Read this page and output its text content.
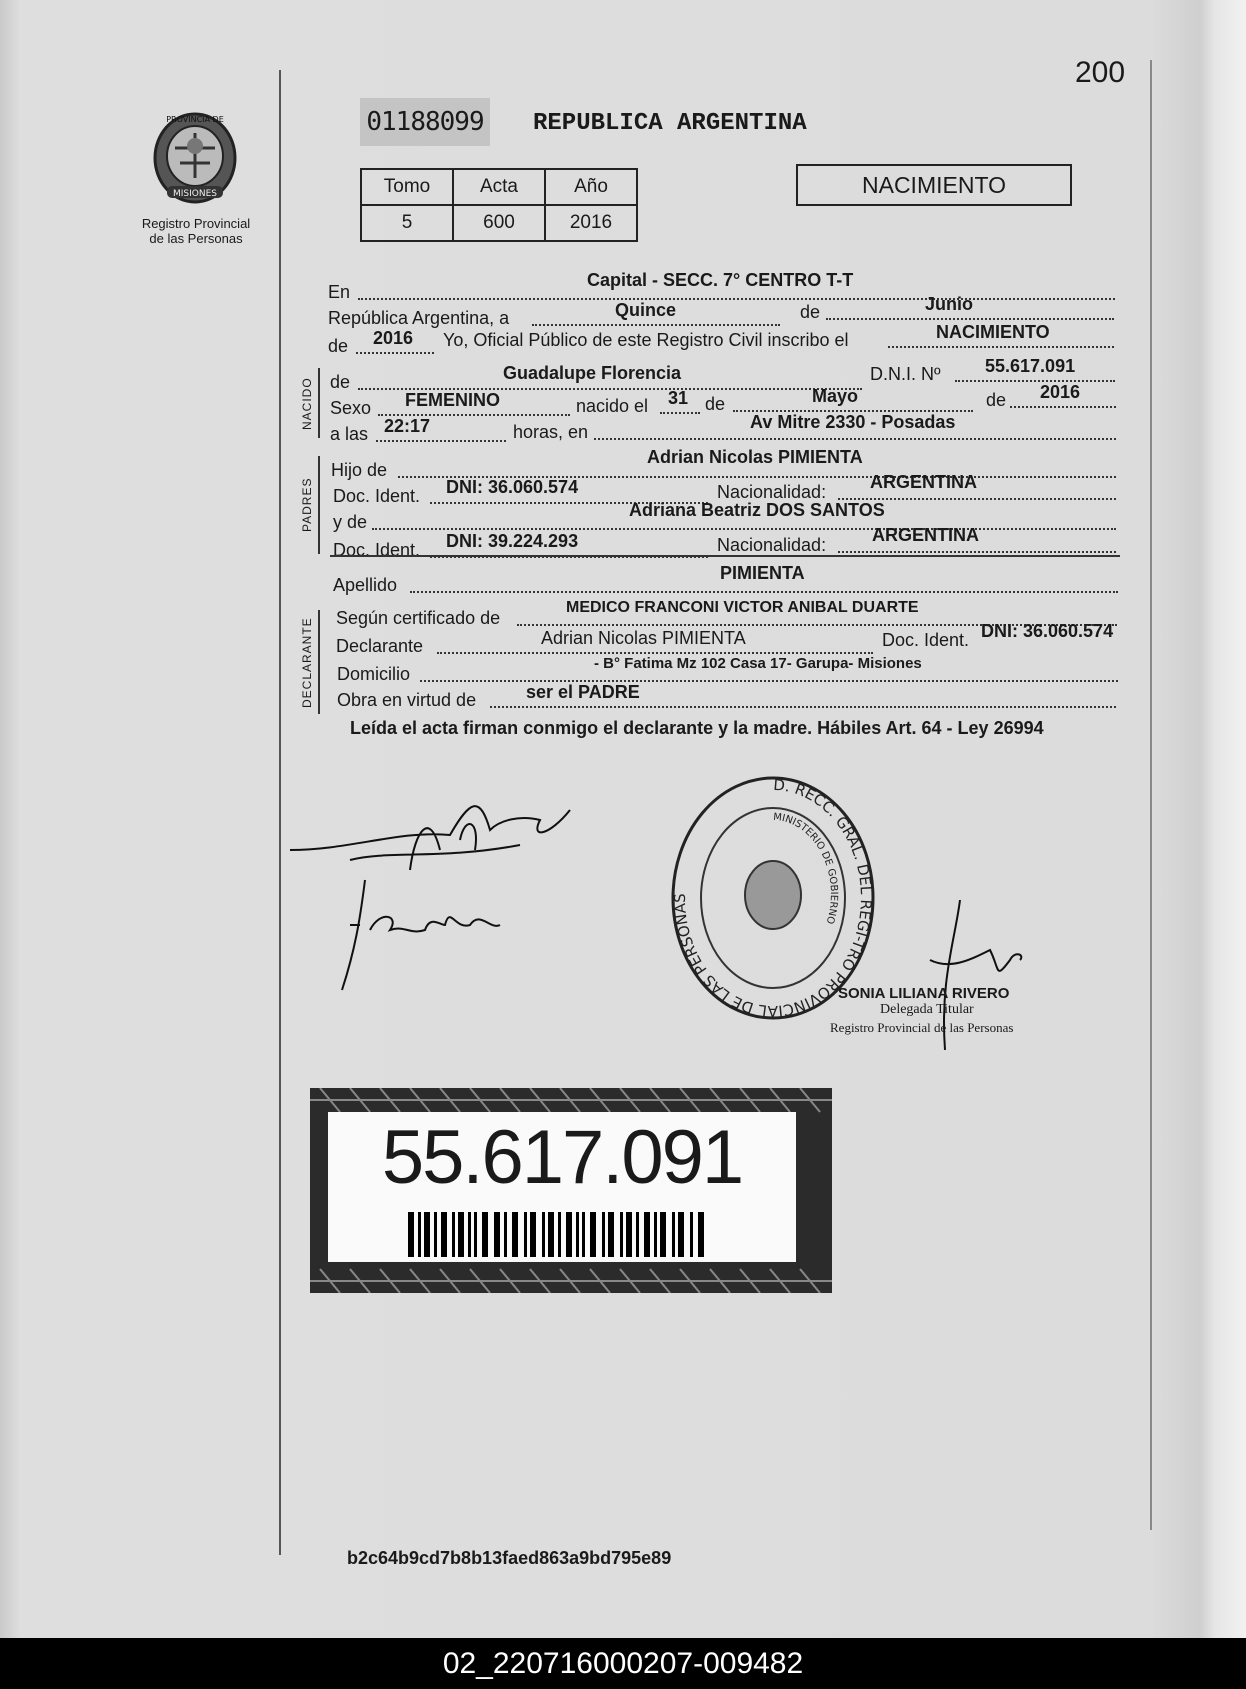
200
MISIONES
PROVINCIA DE
Registro Provincial
de las Personas
01188099 REPUBLICA ARGENTINA
Tomo	Acta	Año
5	600	2016
NACIMIENTO
En
Capital - SECC. 7° CENTRO T-T
República Argentina, a	Quince	de	Junio
de 2016 Yo, Oficial Público de este Registro Civil inscribo el	NACIMIENTO
NACIDO de	Guadalupe Florencia	D.N.I. Nº 55.617.091
Sexo FEMENINO	nacido el 31 de	Mayo	de 2016
a las 22:17	horas, en	Av Mitre 2330 - Posadas
PADRES
Hijo de
Adrian Nicolas PIMIENTA
Doc. Ident. DNI: 36.060.574	Nacionalidad: ARGENTINA
y de
Adriana Beatriz DOS SANTOS
Doc. Ident. DNI: 39.224.293	Nacionalidad:	ARGENTINA
Apellido
PIMIENTA
DECLARANTE Según certificado de
MEDICO FRANCONI VICTOR ANIBAL DUARTE
Declarante	Adrian Nicolas PIMIENTA	Doc. Ident. DNI: 36.060.574
Domicilio
- B° Fatima Mz 102 Casa 17- Garupa- Misiones
Obra en virtud de	ser el PADRE
Leída el acta firman conmigo el declarante y la madre. Hábiles Art. 64 - Ley 26994
D. RECC. GRAL. DEL REGI-TRO PROVINCIAL DE LAS PERSONAS
MINISTERIO DE GOBIERNO
SONIA LILIANA RIVERO
Delegada Titular
Registro Provincial de las Personas
55.617.091
b2c64b9cd7b8b13faed863a9bd795e89
02_220716000207-009482
